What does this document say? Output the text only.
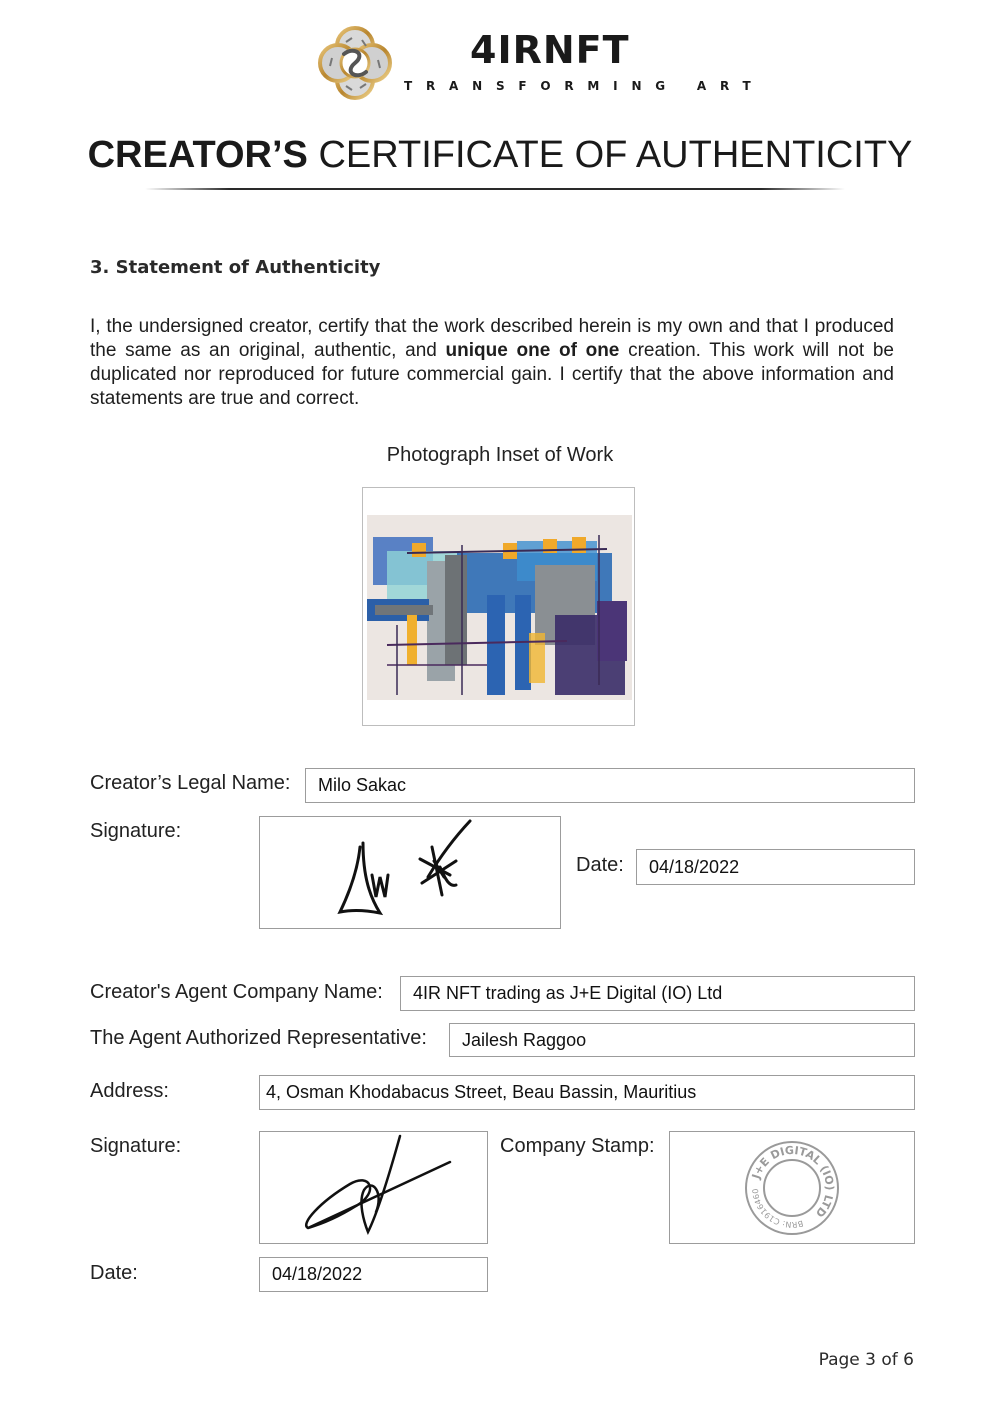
4IRNFT
TRANSFORMING ART
CREATOR’S CERTIFICATE OF AUTHENTICITY
3. Statement of Authenticity
I, the undersigned creator, certify that the work described herein is my own and that I produced the same as an original, authentic, and unique one of one creation. This work will not be duplicated nor reproduced for future commercial gain. I certify that the above information and statements are true and correct.
Photograph Inset of Work
Creator’s Legal Name:	Milo Sakac
Signature:
Date:	04/18/2022
Creator's Agent Company Name:	4IR NFT trading as J+E Digital (IO) Ltd
The Agent Authorized Representative:	Jailesh Raggoo
Address:	4, Osman Khodabacus Street, Beau Bassin, Mauritius
Signature:	Company Stamp:
J+E DIGITAL (IO) LTD
BRN: C1916460
Date:	04/18/2022
Page 3 of 6
